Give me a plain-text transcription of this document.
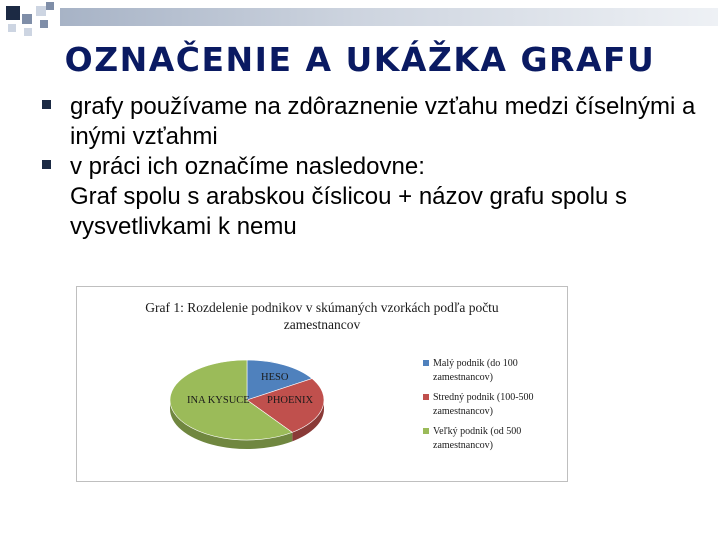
OZNAČENIE A UKÁŽKA GRAFU
grafy používame na zdôraznenie vzťahu medzi číselnými a inými vzťahmi
v práci ich označíme nasledovne:
Graf spolu s arabskou číslicou + názov grafu spolu s vysvetlivkami k nemu
Graf 1: Rozdelenie podnikov v skúmaných vzorkách podľa počtu zamestnancov
HESO
PHOENIX
INA KYSUCE
Malý podnik (do 100 zamestnancov)
Stredný podnik (100-500 zamestnancov)
Veľký podnik (od 500 zamestnancov)
